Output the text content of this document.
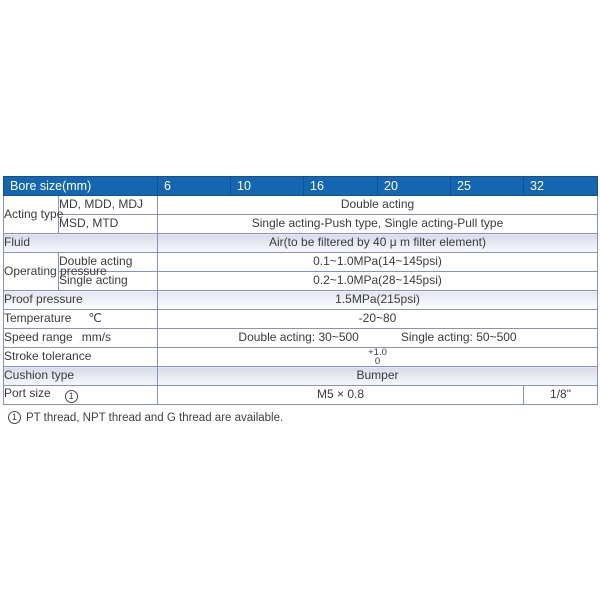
Bore size(mm)		6	10	16	20	25	32
Acting type	MD, MDD, MDJ	Double acting					
	MSD, MTD	Single acting-Push type, Single acting-Pull type					
Fluid		Air(to be filtered by 40 μ m filter element)					
Operating pressure	Double acting	0.1~1.0MPa(14~145psi)					
	Single acting	0.2~1.0MPa(28~145psi)					
Proof pressure		1.5MPa(215psi)					
Temperature ℃		-20~80					
Speed range mm/s		Double acting: 30~500 Single acting: 50~500					

Stroke tolerance		+1.0
0					

Cushion type		Bumper					
Port size 1		M5 × 0.8					1/8"
1 PT thread, NPT thread and G thread are available.
